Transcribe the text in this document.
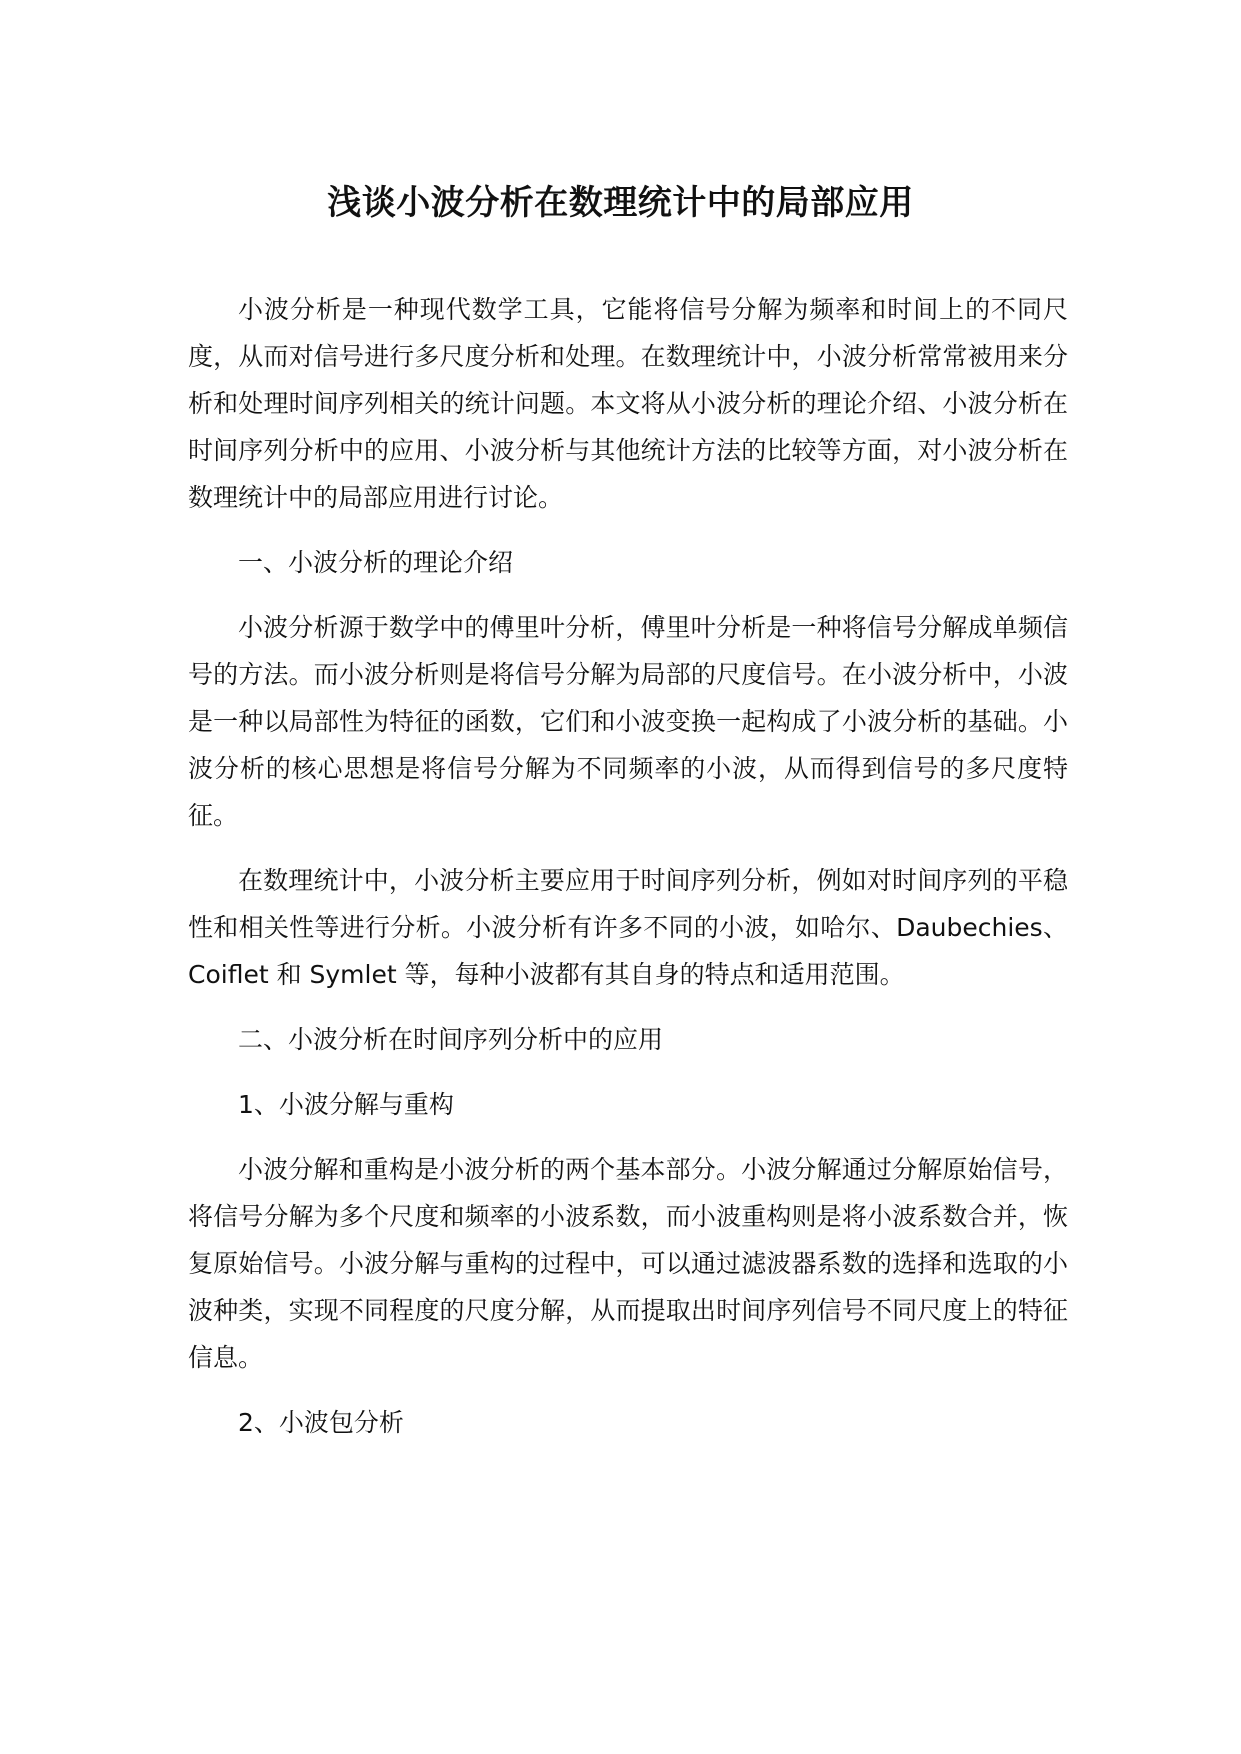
浅谈小波分析在数理统计中的局部应用

小波分析是一种现代数学工具，它能将信号分解为频率和时间上的不同尺度，从而对信号进行多尺度分析和处理。在数理统计中，小波分析常常被用来分析和处理时间序列相关的统计问题。本文将从小波分析的理论介绍、小波分析在时间序列分析中的应用、小波分析与其他统计方法的比较等方面，对小波分析在数理统计中的局部应用进行讨论。

一、小波分析的理论介绍

小波分析源于数学中的傅里叶分析，傅里叶分析是一种将信号分解成单频信号的方法。而小波分析则是将信号分解为局部的尺度信号。在小波分析中，小波是一种以局部性为特征的函数，它们和小波变换一起构成了小波分析的基础。小波分析的核心思想是将信号分解为不同频率的小波，从而得到信号的多尺度特征。

在数理统计中，小波分析主要应用于时间序列分析，例如对时间序列的平稳性和相关性等进行分析。小波分析有许多不同的小波，如哈尔、Daubechies、Coiflet 和 Symlet 等，每种小波都有其自身的特点和适用范围。

二、小波分析在时间序列分析中的应用

1、小波分解与重构

小波分解和重构是小波分析的两个基本部分。小波分解通过分解原始信号，将信号分解为多个尺度和频率的小波系数，而小波重构则是将小波系数合并，恢复原始信号。小波分解与重构的过程中，可以通过滤波器系数的选择和选取的小波种类，实现不同程度的尺度分解，从而提取出时间序列信号不同尺度上的特征信息。

2、小波包分析
